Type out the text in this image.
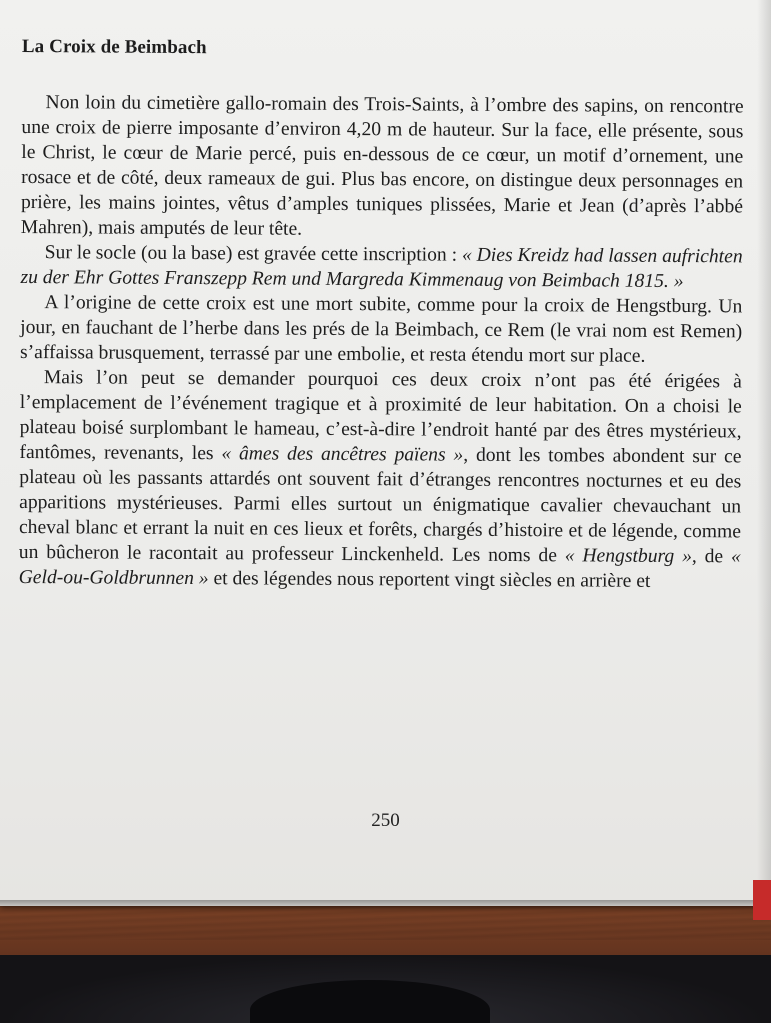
La Croix de Beimbach

Non loin du cimetière gallo-romain des Trois-Saints, à l’ombre des sapins, on rencontre une croix de pierre imposante d’environ 4,20 m de hauteur. Sur la face, elle présente, sous le Christ, le cœur de Marie percé, puis en-dessous de ce cœur, un motif d’ornement, une rosace et de côté, deux rameaux de gui. Plus bas encore, on distingue deux personnages en prière, les mains jointes, vêtus d’amples tuniques plissées, Marie et Jean (d’après l’abbé Mahren), mais amputés de leur tête.

Sur le socle (ou la base) est gravée cette inscription : « Dies Kreidz had lassen aufrichten zu der Ehr Gottes Franszepp Rem und Margreda Kimmenaug von Beimbach 1815. »

A l’origine de cette croix est une mort subite, comme pour la croix de Hengstburg. Un jour, en fauchant de l’herbe dans les prés de la Beimbach, ce Rem (le vrai nom est Remen) s’affaissa brusquement, terrassé par une embolie, et resta étendu mort sur place.

Mais l’on peut se demander pourquoi ces deux croix n’ont pas été érigées à l’emplacement de l’événement tragique et à proximité de leur habitation. On a choisi le plateau boisé surplombant le hameau, c’est-à-dire l’endroit hanté par des êtres mystérieux, fantômes, revenants, les « âmes des ancêtres païens », dont les tombes abondent sur ce plateau où les passants attardés ont souvent fait d’étranges rencontres nocturnes et eu des apparitions mystérieuses. Parmi elles surtout un énigmatique cavalier chevauchant un cheval blanc et errant la nuit en ces lieux et forêts, chargés d’histoire et de légende, comme un bûcheron le racontait au professeur Linckenheld. Les noms de « Hengstburg », de « Geld-ou-Goldbrunnen » et des légendes nous reportent vingt siècles en arrière et

250
